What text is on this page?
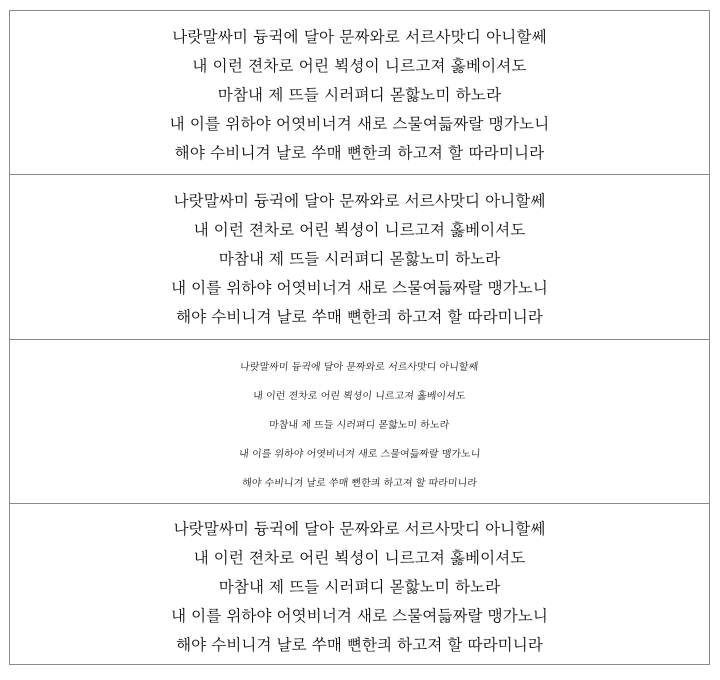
나랏말싸미 듕귁에 달아 문짜와로 서르사맛디 아니할쎄
내 이런 젼차로 어린 뵉셩이 니르고져 홇베이셔도
마참내 제 뜨들 시러펴디 몯핧노미 하노라
내 이를 위하야 어엿비너겨 새로 스물여듧짜랄 맹가노니
해야 수비니겨 날로 쑤매 뼌한킈 하고져 할 따라미니라
나랏말싸미 듕귁에 달아 문짜와로 서르사맛디 아니할쎄
내 이런 젼차로 어린 뵉셩이 니르고져 홇베이셔도
마참내 제 뜨들 시러펴디 몯핧노미 하노라
내 이를 위하야 어엿비너겨 새로 스물여듧짜랄 맹가노니
해야 수비니겨 날로 쑤매 뼌한킈 하고져 할 따라미니라
나랏말싸미 듕귁에 달아 문짜와로 서르사맛디 아니할쎄
내 이런 젼차로 어린 뵉셩이 니르고져 홇베이셔도
마참내 제 뜨들 시러펴디 몯핧노미 하노라
내 이를 위하야 어엿비너겨 새로 스물여듧짜랄 맹가노니
해야 수비니겨 날로 쑤매 뼌한킈 하고져 할 따라미니라
나랏말싸미 듕귁에 달아 문짜와로 서르사맛디 아니할쎄
내 이런 젼차로 어린 뵉셩이 니르고져 홇베이셔도
마참내 제 뜨들 시러펴디 몯핧노미 하노라
내 이를 위하야 어엿비너겨 새로 스물여듧짜랄 맹가노니
해야 수비니겨 날로 쑤매 뼌한킈 하고져 할 따라미니라
